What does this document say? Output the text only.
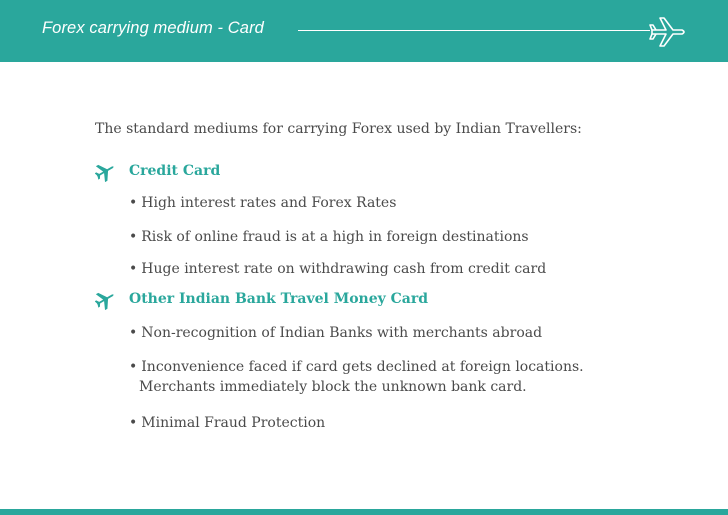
Forex carrying medium - Card
The standard mediums for carrying Forex used by Indian Travellers:
Credit Card
• High interest rates and Forex Rates
• Risk of online fraud is at a high in foreign destinations
• Huge interest rate on withdrawing cash from credit card
Other Indian Bank Travel Money Card
• Non-recognition of Indian Banks with merchants abroad
• Inconvenience faced if card gets declined at foreign locations.
Merchants immediately block the unknown bank card.
• Minimal Fraud Protection
